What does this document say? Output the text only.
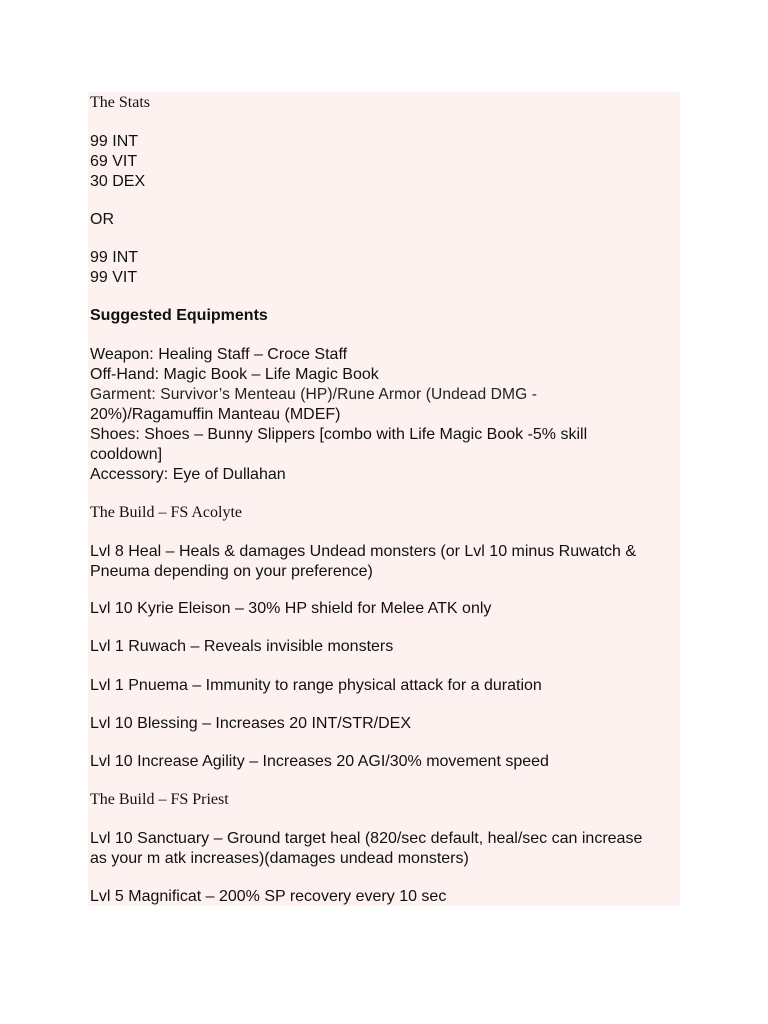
The Stats

99 INT

69 VIT

30 DEX

OR

99 INT

99 VIT

Suggested Equipments

Weapon: Healing Staff – Croce Staff

Off-Hand: Magic Book – Life Magic Book

Garment: Survivor’s Menteau (HP)/Rune Armor (Undead DMG -

20%)/Ragamuffin Manteau (MDEF)

Shoes: Shoes – Bunny Slippers [combo with Life Magic Book -5% skill

cooldown]

Accessory: Eye of Dullahan

The Build – FS Acolyte

Lvl 8 Heal – Heals & damages Undead monsters (or Lvl 10 minus Ruwatch &

Pneuma depending on your preference)

Lvl 10 Kyrie Eleison – 30% HP shield for Melee ATK only

Lvl 1 Ruwach – Reveals invisible monsters

Lvl 1 Pnuema – Immunity to range physical attack for a duration

Lvl 10 Blessing – Increases 20 INT/STR/DEX

Lvl 10 Increase Agility – Increases 20 AGI/30% movement speed

The Build – FS Priest

Lvl 10 Sanctuary – Ground target heal (820/sec default, heal/sec can increase

as your m atk increases)(damages undead monsters)

Lvl 5 Magnificat – 200% SP recovery every 10 sec
